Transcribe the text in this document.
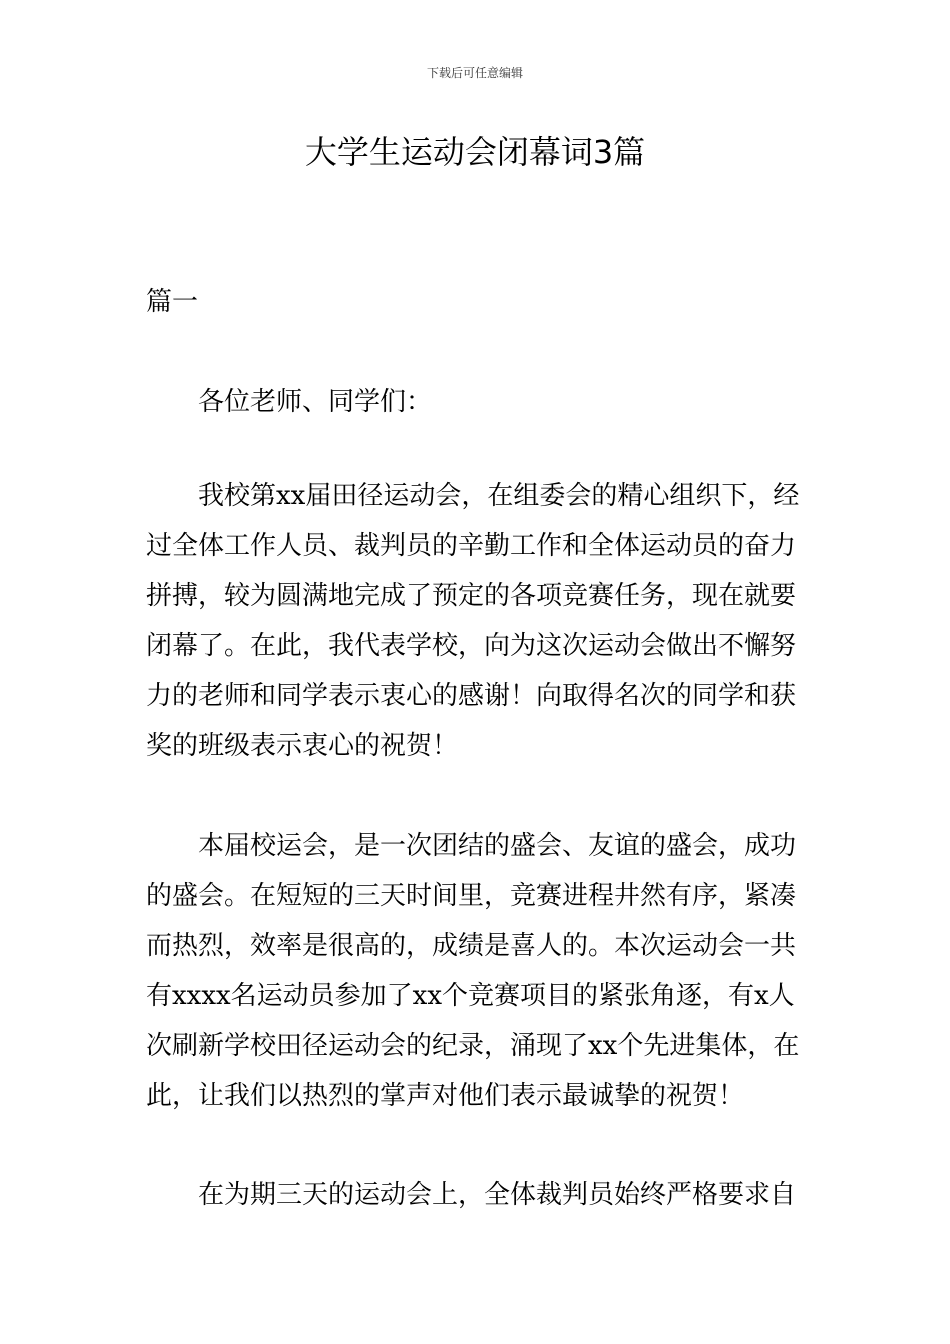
下载后可任意编辑
大学生运动会闭幕词3篇
篇一
各位老师、同学们：
我校第xx届田径运动会，在组委会的精心组织下，经
过全体工作人员、裁判员的辛勤工作和全体运动员的奋力
拼搏，较为圆满地完成了预定的各项竞赛任务，现在就要
闭幕了。在此，我代表学校，向为这次运动会做出不懈努
力的老师和同学表示衷心的感谢！向取得名次的同学和获
奖的班级表示衷心的祝贺！
本届校运会，是一次团结的盛会、友谊的盛会，成功
的盛会。在短短的三天时间里，竞赛进程井然有序，紧凑
而热烈，效率是很高的，成绩是喜人的。本次运动会一共
有xxxx名运动员参加了xx个竞赛项目的紧张角逐，有x人
次刷新学校田径运动会的纪录，涌现了xx个先进集体，在
此，让我们以热烈的掌声对他们表示最诚挚的祝贺！
在为期三天的运动会上，全体裁判员始终严格要求自
